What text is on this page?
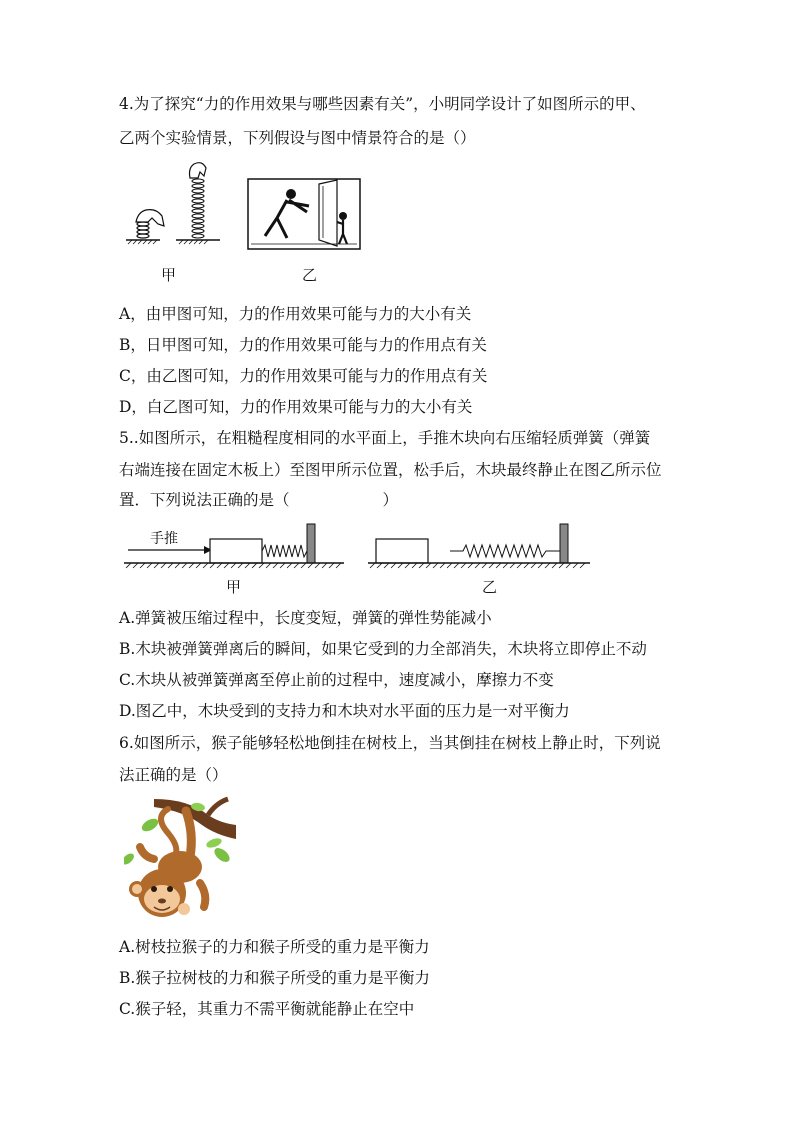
4.为了探究“力的作用效果与哪些因素有关”，小明同学设计了如图所示的甲、
乙两个实验情景，下列假设与图中情景符合的是（）
甲	乙
A，由甲图可知，力的作用效果可能与力的大小有关
B，日甲图可知，力的作用效果可能与力的作用点有关
C，由乙图可知，力的作用效果可能与力的作用点有关
D，白乙图可知，力的作用效果可能与力的大小有关
5..如图所示，在粗糙程度相同的水平面上，手推木块向右压缩轻质弹簧（弹簧
右端连接在固定木板上）至图甲所示位置，松手后，木块最终静止在图乙所示位
置．下列说法正确的是（　　　　　　）
手推
甲	乙
A.弹簧被压缩过程中，长度变短，弹簧的弹性势能减小
B.木块被弹簧弹离后的瞬间，如果它受到的力全部消失，木块将立即停止不动
C.木块从被弹簧弹离至停止前的过程中，速度减小，摩擦力不变
D.图乙中，木块受到的支持力和木块对水平面的压力是一对平衡力
6.如图所示，猴子能够轻松地倒挂在树枝上，当其倒挂在树枝上静止时，下列说
法正确的是（）
A.树枝拉猴子的力和猴子所受的重力是平衡力
B.猴子拉树枝的力和猴子所受的重力是平衡力
C.猴子轻，其重力不需平衡就能静止在空中
